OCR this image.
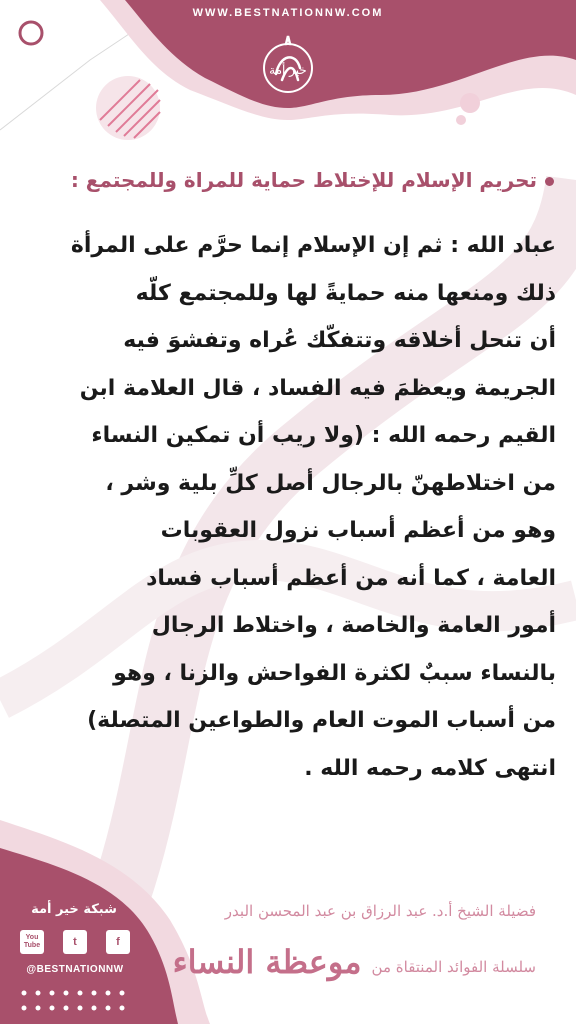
WWW.BESTNATIONNW.COM
خير أمة
تحريم الإسلام للإختلاط حماية للمراة وللمجتمع :
عباد الله : ثم إن الإسلام إنما حرَّم على المرأة
ذلك ومنعها منه حمايةً لها وللمجتمع كلّه
أن تنحل أخلاقه وتتفكّك عُراه وتفشوَ فيه
الجريمة ويعظمَ فيه الفساد ، قال العلامة ابن
القيم رحمه الله : (ولا ريب أن تمكين النساء
من اختلاطهنّ بالرجال أصل كلِّ بلية وشر ،
وهو من أعظم أسباب نزول العقوبات
العامة ، كما أنه من أعظم أسباب فساد
أمور العامة والخاصة ، واختلاط الرجال
بالنساء سببٌ لكثرة الفواحش والزنا ، وهو
من أسباب الموت العام والطواعين المتصلة)
انتهى كلامه رحمه الله .
شبكة خير أمة
You Tube	t	f
@BESTNATIONNW
فضيلة الشيخ أ.د. عبد الرزاق بن عبد المحسن البدر
سلسلة الفوائد المنتقاة من
موعظة النساء
